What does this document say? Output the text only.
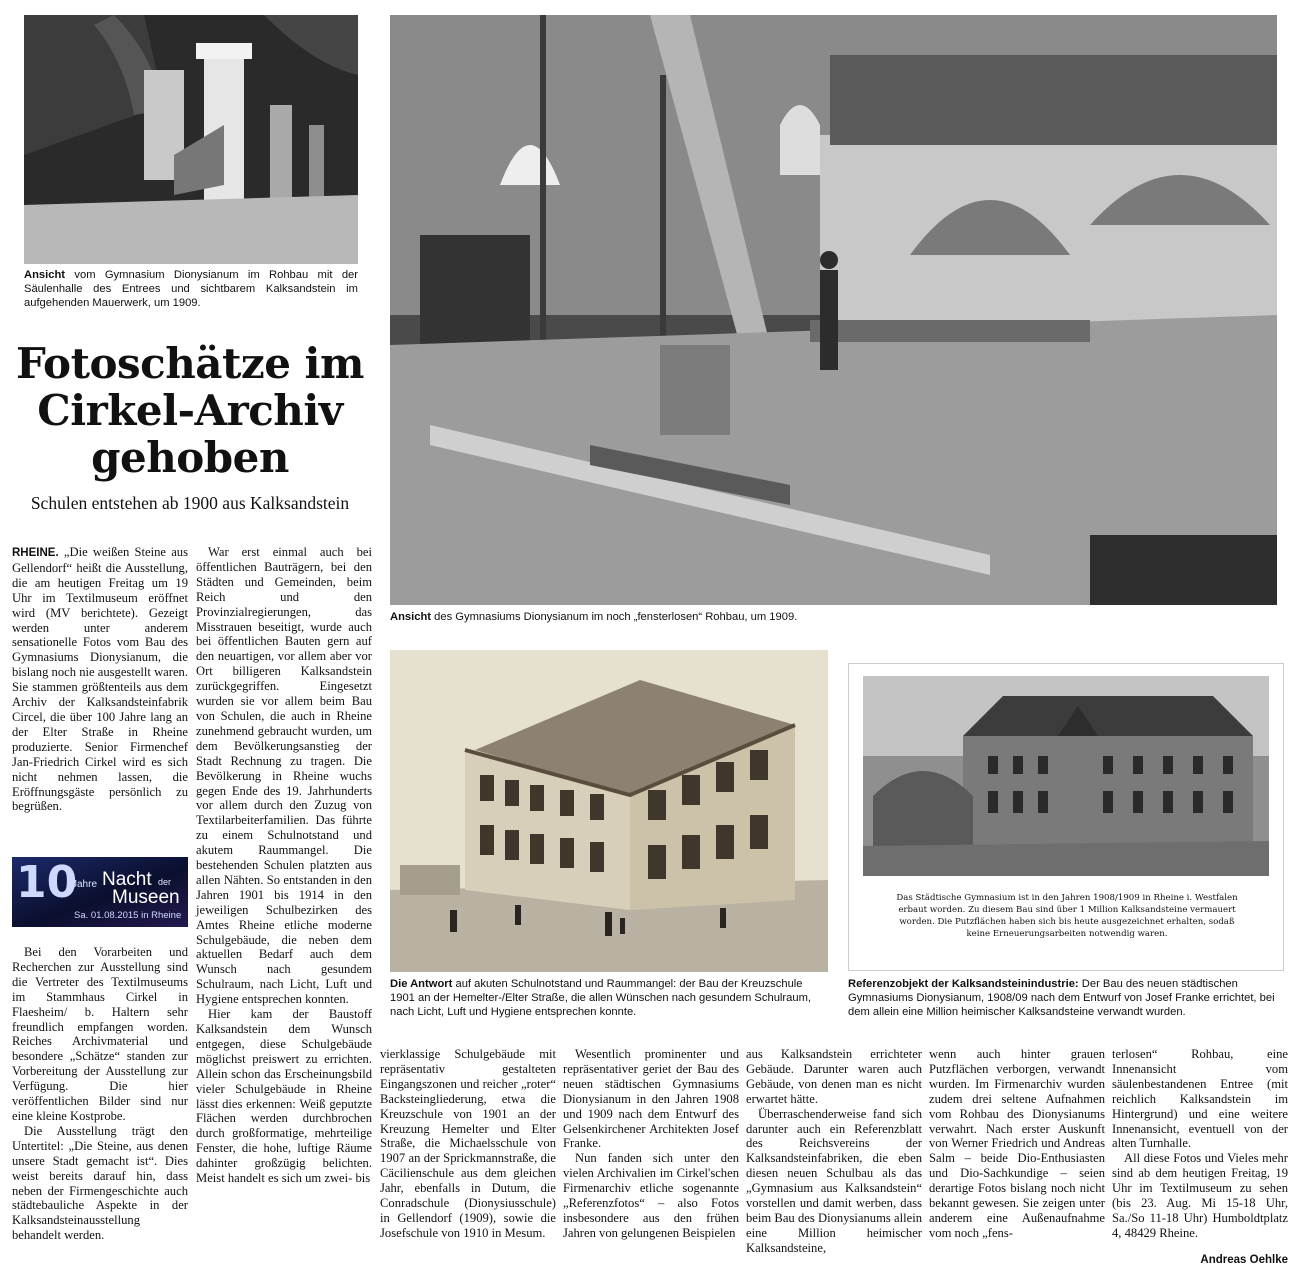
Ansicht vom Gymnasium Dionysianum im Rohbau mit der Säulenhalle des Entrees und sichtbarem Kalksandstein im aufgehenden Mauerwerk, um 1909.
Fotoschätze im
Cirkel-Archiv
gehoben
Schulen entstehen ab 1900 aus Kalksandstein
Ansicht des Gymnasiums Dionysianum im noch „fensterlosen“ Rohbau, um 1909.
Die Antwort auf akuten Schulnotstand und Raummangel: der Bau der Kreuzschule 1901 an der Hemelter-/Elter Straße, die allen Wünschen nach gesundem Schulraum, nach Licht, Luft und Hygiene entsprechen konnte.
Das Städtische Gymnasium ist in den Jahren 1908/1909 in Rheine i. Westfalen
erbaut worden. Zu diesem Bau sind über 1 Million Kalksandsteine vermauert
worden. Die Putzflächen haben sich bis heute ausgezeichnet erhalten, sodaß
keine Erneuerungsarbeiten notwendig waren.
Referenzobjekt der Kalksandsteinindustrie: Der Bau des neuen städtischen Gymnasiums Dionysianum, 1908/09 nach dem Entwurf von Josef Franke errichtet, bei dem allein eine Million heimischer Kalksandsteine verwandt wurden.
10
Jahre Nacht der
Museen
Sa. 01.08.2015 in Rheine

RHEINE. „Die weißen Steine aus Gellendorf“ heißt die Ausstellung, die am heutigen Freitag um 19 Uhr im Textilmuseum eröffnet wird (MV berichtete). Gezeigt werden unter anderem sensationelle Fotos vom Bau des Gymnasiums Dionysianum, die bislang noch nie ausgestellt waren. Sie stammen größtenteils aus dem Archiv der Kalksandsteinfabrik Circel, die über 100 Jahre lang an der Elter Straße in Rheine produzierte. Senior Firmenchef Jan-Friedrich Cirkel wird es sich nicht nehmen lassen, die Eröffnungsgäste persönlich zu begrüßen.

Bei den Vorarbeiten und Recherchen zur Ausstellung sind die Vertreter des Textilmuseums im Stammhaus Cirkel in Flaesheim/ b. Haltern sehr freundlich empfangen worden. Reiches Archivmaterial und besondere „Schätze“ standen zur Vorbereitung der Ausstellung zur Verfügung. Die hier veröffentlichen Bilder sind nur eine kleine Kostprobe.

Die Ausstellung trägt den Untertitel: „Die Steine, aus denen unsere Stadt gemacht ist“. Dies weist bereits darauf hin, dass neben der Firmengeschichte auch städtebauliche Aspekte in der Kalksandsteinausstellung behandelt werden.

War erst einmal auch bei öffentlichen Bauträgern, bei den Städten und Gemeinden, beim Reich und den Provinzialregierungen, das Misstrauen beseitigt, wurde auch bei öffentlichen Bauten gern auf den neuartigen, vor allem aber vor Ort billigeren Kalksandstein zurückgegriffen. Eingesetzt wurden sie vor allem beim Bau von Schulen, die auch in Rheine zunehmend gebraucht wurden, um dem Bevölkerungsanstieg der Stadt Rechnung zu tragen. Die Bevölkerung in Rheine wuchs gegen Ende des 19. Jahrhunderts vor allem durch den Zuzug von Textilarbeiterfamilien. Das führte zu einem Schulnotstand und akutem Raummangel. Die bestehenden Schulen platzten aus allen Nähten. So entstanden in den Jahren 1901 bis 1914 in den jeweiligen Schulbezirken des Amtes Rheine etliche moderne Schulgebäude, die neben dem aktuellen Bedarf auch dem Wunsch nach gesundem Schulraum, nach Licht, Luft und Hygiene entsprechen konnten.

Hier kam der Baustoff Kalksandstein dem Wunsch entgegen, diese Schulgebäude möglichst preiswert zu errichten. Allein schon das Erscheinungsbild vieler Schulgebäude in Rheine lässt dies erkennen: Weiß geputzte Flächen werden durchbrochen durch großformatige, mehrteilige Fenster, die hohe, luftige Räume dahinter großzügig belichten. Meist handelt es sich um zwei- bis

vierklassige Schulgebäude mit repräsentativ gestalteten Eingangszonen und reicher „roter“ Backsteingliederung, etwa die Kreuzschule von 1901 an der Kreuzung Hemelter und Elter Straße, die Michaelsschule von 1907 an der Sprickmannstraße, die Cäcilienschule aus dem gleichen Jahr, ebenfalls in Dutum, die Conradschule (Dionysiusschule) in Gellendorf (1909), sowie die Josefschule von 1910 in Mesum.

Wesentlich prominenter und repräsentativer geriet der Bau des neuen städtischen Gymnasiums Dionysianum in den Jahren 1908 und 1909 nach dem Entwurf des Gelsenkirchener Architekten Josef Franke.

Nun fanden sich unter den vielen Archivalien im Cirkel'schen Firmenarchiv etliche sogenannte „Referenzfotos“ – also Fotos insbesondere aus den frühen Jahren von gelungenen Beispielen

aus Kalksandstein errichteter Gebäude. Darunter waren auch Gebäude, von denen man es nicht erwartet hätte.

Überraschenderweise fand sich darunter auch ein Referenzblatt des Reichsvereins der Kalksandsteinfabriken, die eben diesen neuen Schulbau als das „Gymnasium aus Kalksandstein“ vorstellen und damit werben, dass beim Bau des Dionysianums allein eine Million heimischer Kalksandsteine,

wenn auch hinter grauen Putzflächen verborgen, verwandt wurden. Im Firmenarchiv wurden zudem drei seltene Aufnahmen vom Rohbau des Dionysianums verwahrt. Nach erster Auskunft von Werner Friedrich und Andreas Salm – beide Dio-Enthusiasten und Dio-Sachkundige – seien derartige Fotos bislang noch nicht bekannt gewesen. Sie zeigen unter anderem eine Außenaufnahme vom noch „fens-

terlosen“ Rohbau, eine Innenansicht vom säulenbestandenen Entree (mit reichlich Kalksandstein im Hintergrund) und eine weitere Innenansicht, eventuell von der alten Turnhalle.

All diese Fotos und Vieles mehr sind ab dem heutigen Freitag, 19 Uhr im Textilmuseum zu sehen (bis 23. Aug. Mi 15-18 Uhr, Sa./So 11-18 Uhr) Humboldtplatz 4, 48429 Rheine.

Andreas Oehlke
